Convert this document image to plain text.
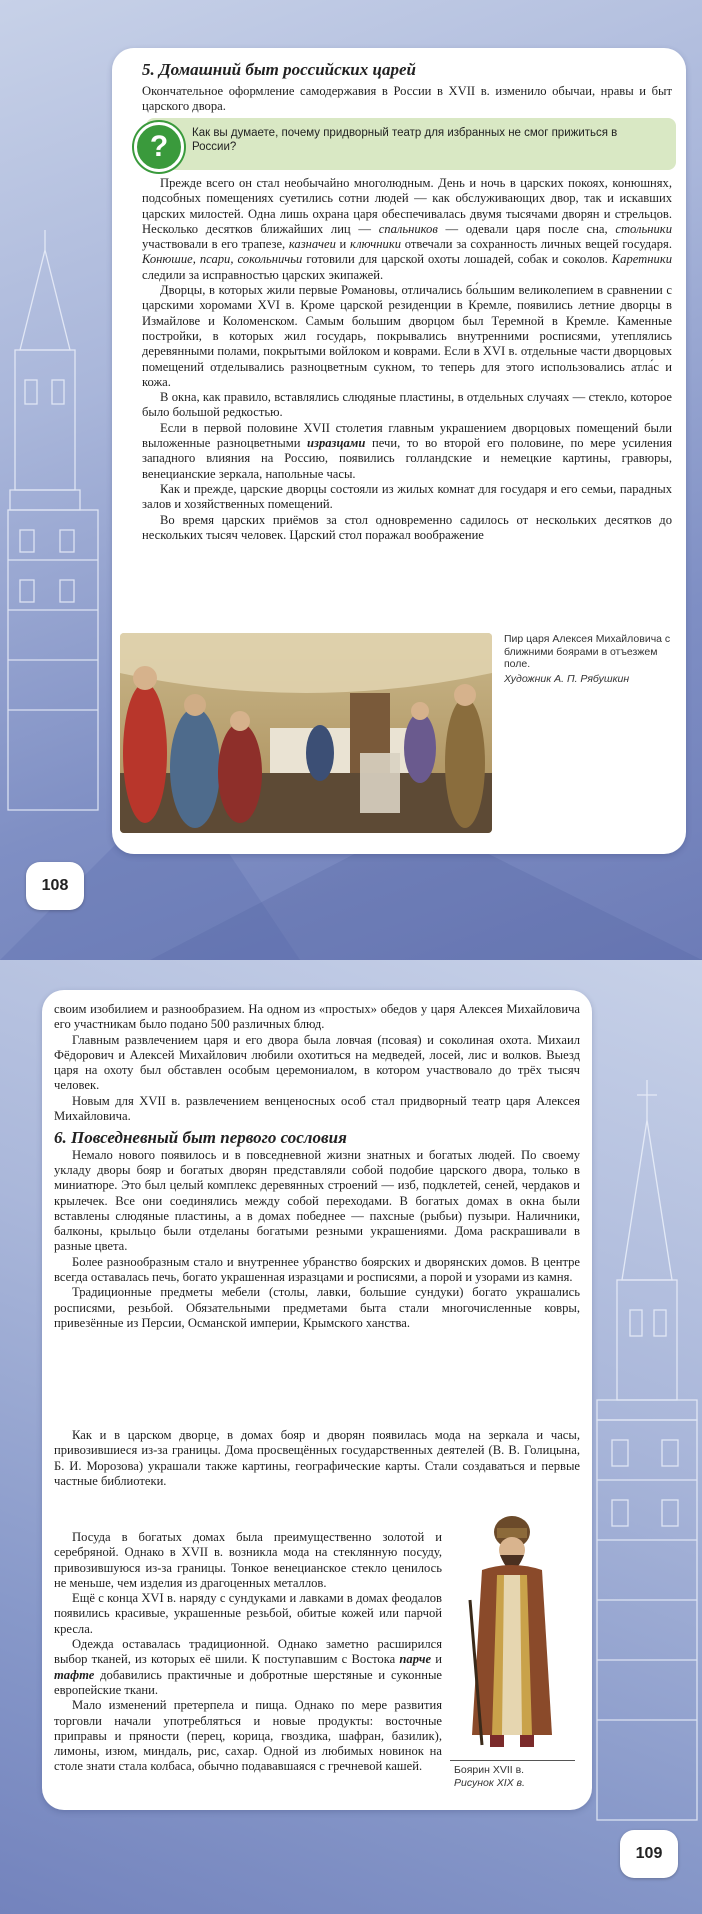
5. Домашний быт российских царей

Окончательное оформление самодержавия в России в XVII в. изменило обычаи, нравы и быт царского двора.

?	Как вы думаете, почему придворный театр для избранных не смог прижиться в России?

Прежде всего он стал необычайно многолюдным. День и ночь в царских покоях, конюшнях, подсобных помещениях суетились сотни людей — как обслуживающих двор, так и искавших царских милостей. Одна лишь охрана царя обеспечивалась двумя тысячами дворян и стрельцов. Несколько десятков ближайших лиц — спальников — одевали царя после сна, стольники участвовали в его трапезе, казначеи и ключники отвечали за сохранность личных вещей государя. Конюшие, псари, сокольничьи готовили для царской охоты лошадей, собак и соколов. Каретники следили за исправностью царских экипажей.

Дворцы, в которых жили первые Романовы, отличались бо́льшим великолепием в сравнении с царскими хоромами XVI в. Кроме царской резиденции в Кремле, появились летние дворцы в Измайлове и Коломенском. Самым большим дворцом был Теремной в Кремле. Каменные постройки, в которых жил государь, покрывались внутренними росписями, утеплялись деревянными полами, покрытыми войлоком и коврами. Если в XVI в. отдельные части дворцовых помещений отделывались разноцветным сукном, то теперь для этого использовались атла́с и кожа.

В окна, как правило, вставлялись слюдяные пластины, в отдельных случаях — стекло, которое было большой редкостью.

Если в первой половине XVII столетия главным украшением дворцовых помещений были выложенные разноцветными изразцами печи, то во второй его половине, по мере усиления западного влияния на Россию, появились голландские и немецкие картины, гравюры, венецианские зеркала, напольные часы.

Как и прежде, царские дворцы состояли из жилых комнат для государя и его семьи, парадных залов и хозяйственных помещений.

Во время царских приёмов за стол одновременно садилось от нескольких десятков до нескольких тысяч человек. Царский стол поражал воображение

Пир царя Алексея Михайловича с ближними боярами в отъезжем поле.
Художник А. П. Рябушкин
108

своим изобилием и разнообразием. На одном из «простых» обедов у царя Алексея Михайловича его участникам было подано 500 различных блюд.

Главным развлечением царя и его двора была ловчая (псовая) и соколиная охота. Михаил Фёдорович и Алексей Михайлович любили охотиться на медведей, лосей, лис и волков. Выезд царя на охоту был обставлен особым церемониалом, в котором участвовало до трёх тысяч человек.

Новым для XVII в. развлечением венценосных особ стал придворный театр царя Алексея Михайловича.

6. Повседневный быт первого сословия

Немало нового появилось и в повседневной жизни знатных и богатых людей. По своему укладу дворы бояр и богатых дворян представляли собой подобие царского двора, только в миниатюре. Это был целый комплекс деревянных строений — изб, подклетей, сеней, чердаков и крылечек. Все они соединялись между собой переходами. В богатых домах в окна были вставлены слюдяные пластины, а в домах победнее — пахсные (рыбьи) пузыри. Наличники, балконы, крыльцо были отделаны богатыми резными украшениями. Дома раскрашивали в разные цвета.

Более разнообразным стало и внутреннее убранство боярских и дворянских домов. В центре всегда оставалась печь, богато украшенная изразцами и росписями, а порой и узорами из камня.

Традиционные предметы мебели (столы, лавки, большие сундуки) богато украшались росписями, резьбой. Обязательными предметами быта стали многочисленные ковры, привезённые из Персии, Османской империи, Крымского ханства.

Как и в царском дворце, в домах бояр и дворян появилась мода на зеркала и часы, привозившиеся из-за границы. Дома просвещённых государственных деятелей (В. В. Голицына, Б. И. Морозова) украшали также картины, географические карты. Стали создаваться и первые частные библиотеки.

Посуда в богатых домах была преимущественно золотой и серебряной. Однако в XVII в. возникла мода на стеклянную посуду, привозившуюся из-за границы. Тонкое венецианское стекло ценилось не меньше, чем изделия из драгоценных металлов.

Ещё с конца XVI в. наряду с сундуками и лавками в домах феодалов появились красивые, украшенные резьбой, обитые кожей или парчой кресла.

Одежда оставалась традиционной. Однако заметно расширился выбор тканей, из которых её шили. К поступавшим с Востока парче и тафте добавились практичные и добротные шерстяные и суконные европейские ткани.

Мало изменений претерпела и пища. Однако по мере развития торговли начали употребляться и новые продукты: восточные приправы и пряности (перец, корица, гвоздика, шафран, базилик), лимоны, изюм, миндаль, рис, сахар. Одной из любимых новинок на столе знати стала колбаса, обычно подававшаяся с гречневой кашей.	Боярин XVII в.
Рисунок XIX в.
109
